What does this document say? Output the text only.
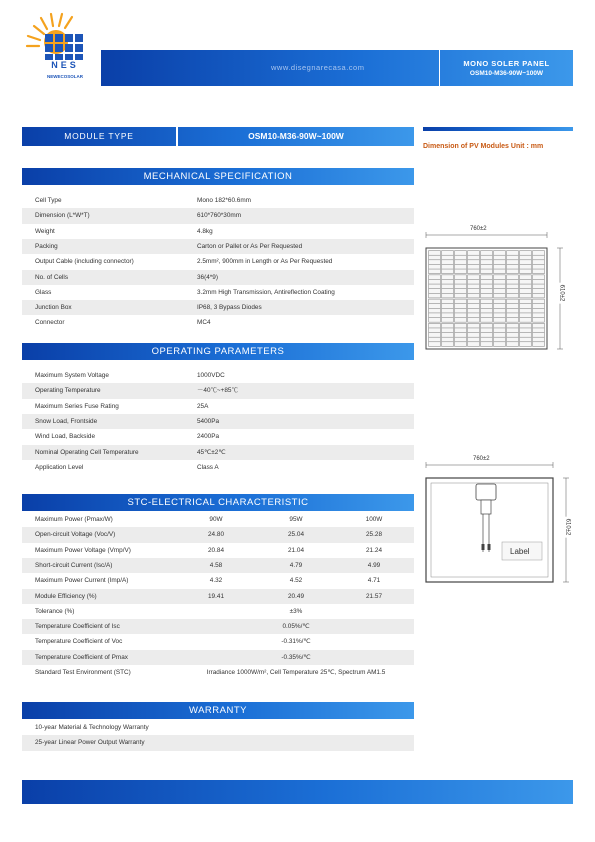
NES
NEWECOSOLAR
www.disegnarecasa.com	MONO SOLER PANEL
OSM10-M36-90W~100W
MODULE TYPE	OSM10-M36-90W~100W
Dimension of PV Modules Unit : mm
MECHANICAL SPECIFICATION
Cell Type	Mono 182*60.6mm
Dimension (L*W*T)	610*760*30mm
Weight	4.8kg
Packing	Carton or Pallet or As Per Requested
Output Cable (including connector)	2.5mm², 900mm in Length or As Per Requested
No. of Cells	36(4*9)
Glass	3.2mm High Transmission, Antireflection Coating
Junction Box	IP68, 3 Bypass Diodes
Connector	MC4
OPERATING PARAMETERS
Maximum System Voltage	1000VDC
Operating Temperature	－40℃~+85℃
Maximum Series Fuse Rating	25A
Snow Load, Frontside	5400Pa
Wind Load, Backside	2400Pa
Nominal Operating Cell Temperature	45℃±2℃
Application Level	Class A
STC-ELECTRICAL CHARACTERISTIC
Maximum Power (Pmax/W)	90W	95W	100W
Open-circuit Voltage (Voc/V)	24.80	25.04	25.28
Maximum Power Voltage (Vmp/V)	20.84	21.04	21.24
Short-circuit Current (Isc/A)	4.58	4.79	4.99
Maximum Power Current (Imp/A)	4.32	4.52	4.71
Module Efficiency (%)	19.41	20.49	21.57
Tolerance (%)	±3%
Temperature Coefficient of Isc	0.05%/℃
Temperature Coefficient of Voc	-0.31%/℃
Temperature Coefficient of Pmax	-0.35%/℃
Standard Test Environment (STC)	Irradiance 1000W/m², Cell Temperature 25℃, Spectrum AM1.5
WARRANTY
10-year Material & Technology Warranty
25-year Linear Power Output Warranty
760±2
610±2
760±2
610±2
Label
